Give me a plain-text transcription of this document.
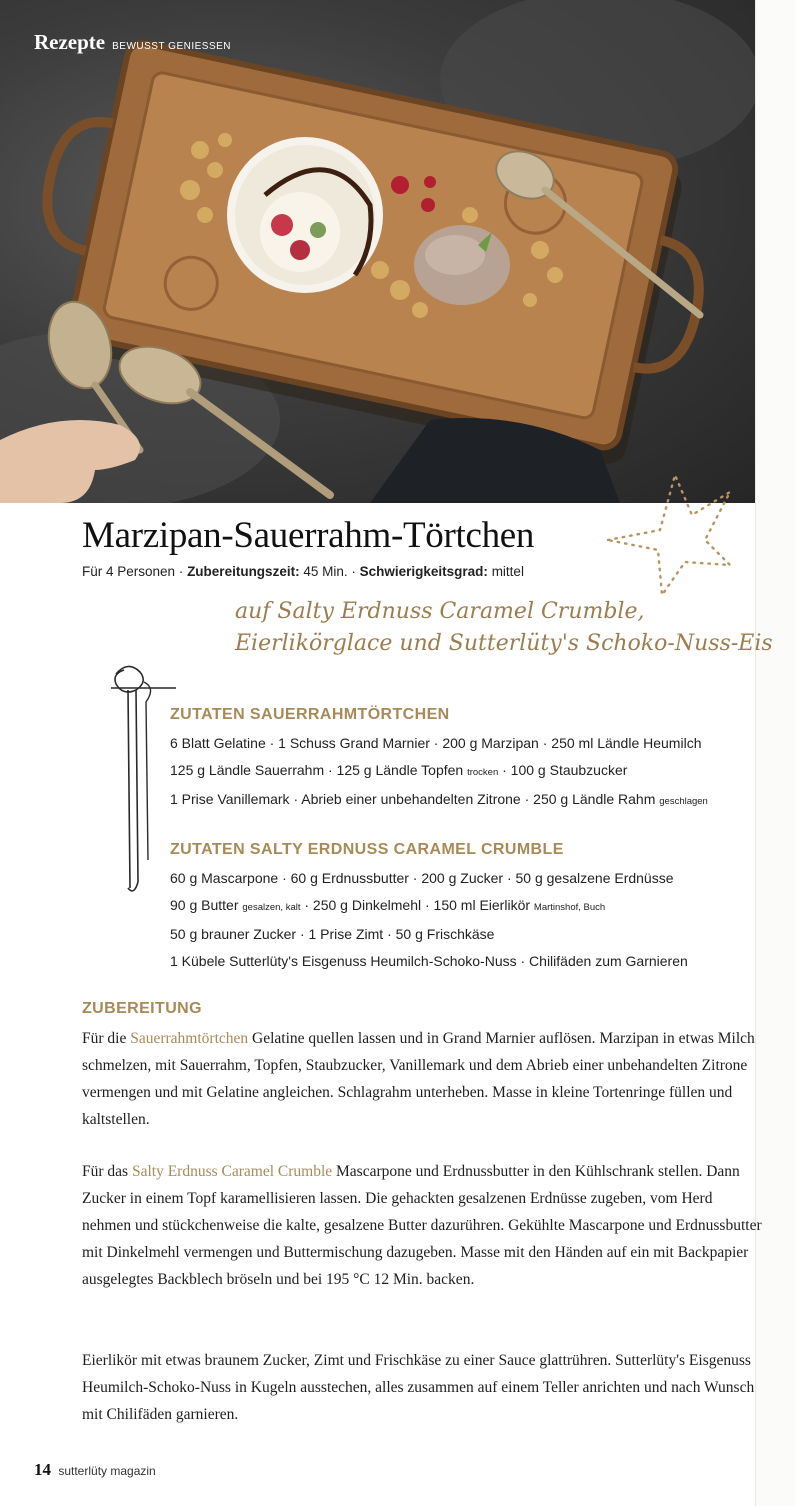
Rezepte BEWUSST GENIESSEN
Marzipan-Sauerrahm-Törtchen
Für 4 Personen · Zubereitungszeit: 45 Min. · Schwierigkeitsgrad: mittel
auf Salty Erdnuss Caramel Crumble,
Eierlikörglace und Sutterlüty's Schoko-Nuss-Eis
ZUTATEN SAUERRAHMTÖRTCHEN
6 Blatt Gelatine · 1 Schuss Grand Marnier · 200 g Marzipan · 250 ml Ländle Heumilch
125 g Ländle Sauerrahm · 125 g Ländle Topfen trocken · 100 g Staubzucker
1 Prise Vanillemark · Abrieb einer unbehandelten Zitrone · 250 g Ländle Rahm geschlagen
ZUTATEN SALTY ERDNUSS CARAMEL CRUMBLE
60 g Mascarpone · 60 g Erdnussbutter · 200 g Zucker · 50 g gesalzene Erdnüsse
90 g Butter gesalzen, kalt · 250 g Dinkelmehl · 150 ml Eierlikör Martinshof, Buch
50 g brauner Zucker · 1 Prise Zimt · 50 g Frischkäse
1 Kübele Sutterlüty's Eisgenuss Heumilch-Schoko-Nuss · Chilifäden zum Garnieren
ZUBEREITUNG

Für die Sauerrahmtörtchen Gelatine quellen lassen und in Grand Marnier auflösen. Marzipan in etwas Milch schmelzen, mit Sauerrahm, Topfen, Staubzucker, Vanillemark und dem Abrieb einer unbehandelten Zitrone vermengen und mit Gelatine angleichen. Schlagrahm unterheben. Masse in kleine Tortenringe füllen und kaltstellen.

Für das Salty Erdnuss Caramel Crumble Mascarpone und Erdnussbutter in den Kühlschrank stellen. Dann Zucker in einem Topf karamellisieren lassen. Die gehackten gesalzenen Erdnüsse zugeben, vom Herd nehmen und stückchenweise die kalte, gesalzene Butter dazurühren. Gekühlte Mascarpone und Erdnussbutter mit Dinkelmehl vermengen und Buttermischung dazugeben. Masse mit den Händen auf ein mit Backpapier ausgelegtes Backblech bröseln und bei 195 °C 12 Min. backen.

Eierlikör mit etwas braunem Zucker, Zimt und Frischkäse zu einer Sauce glattrühren. Sutterlüty's Eisgenuss Heumilch-Schoko-Nuss in Kugeln ausstechen, alles zusammen auf einem Teller anrichten und nach Wunsch mit Chilifäden garnieren.

14 sutterlüty magazin
